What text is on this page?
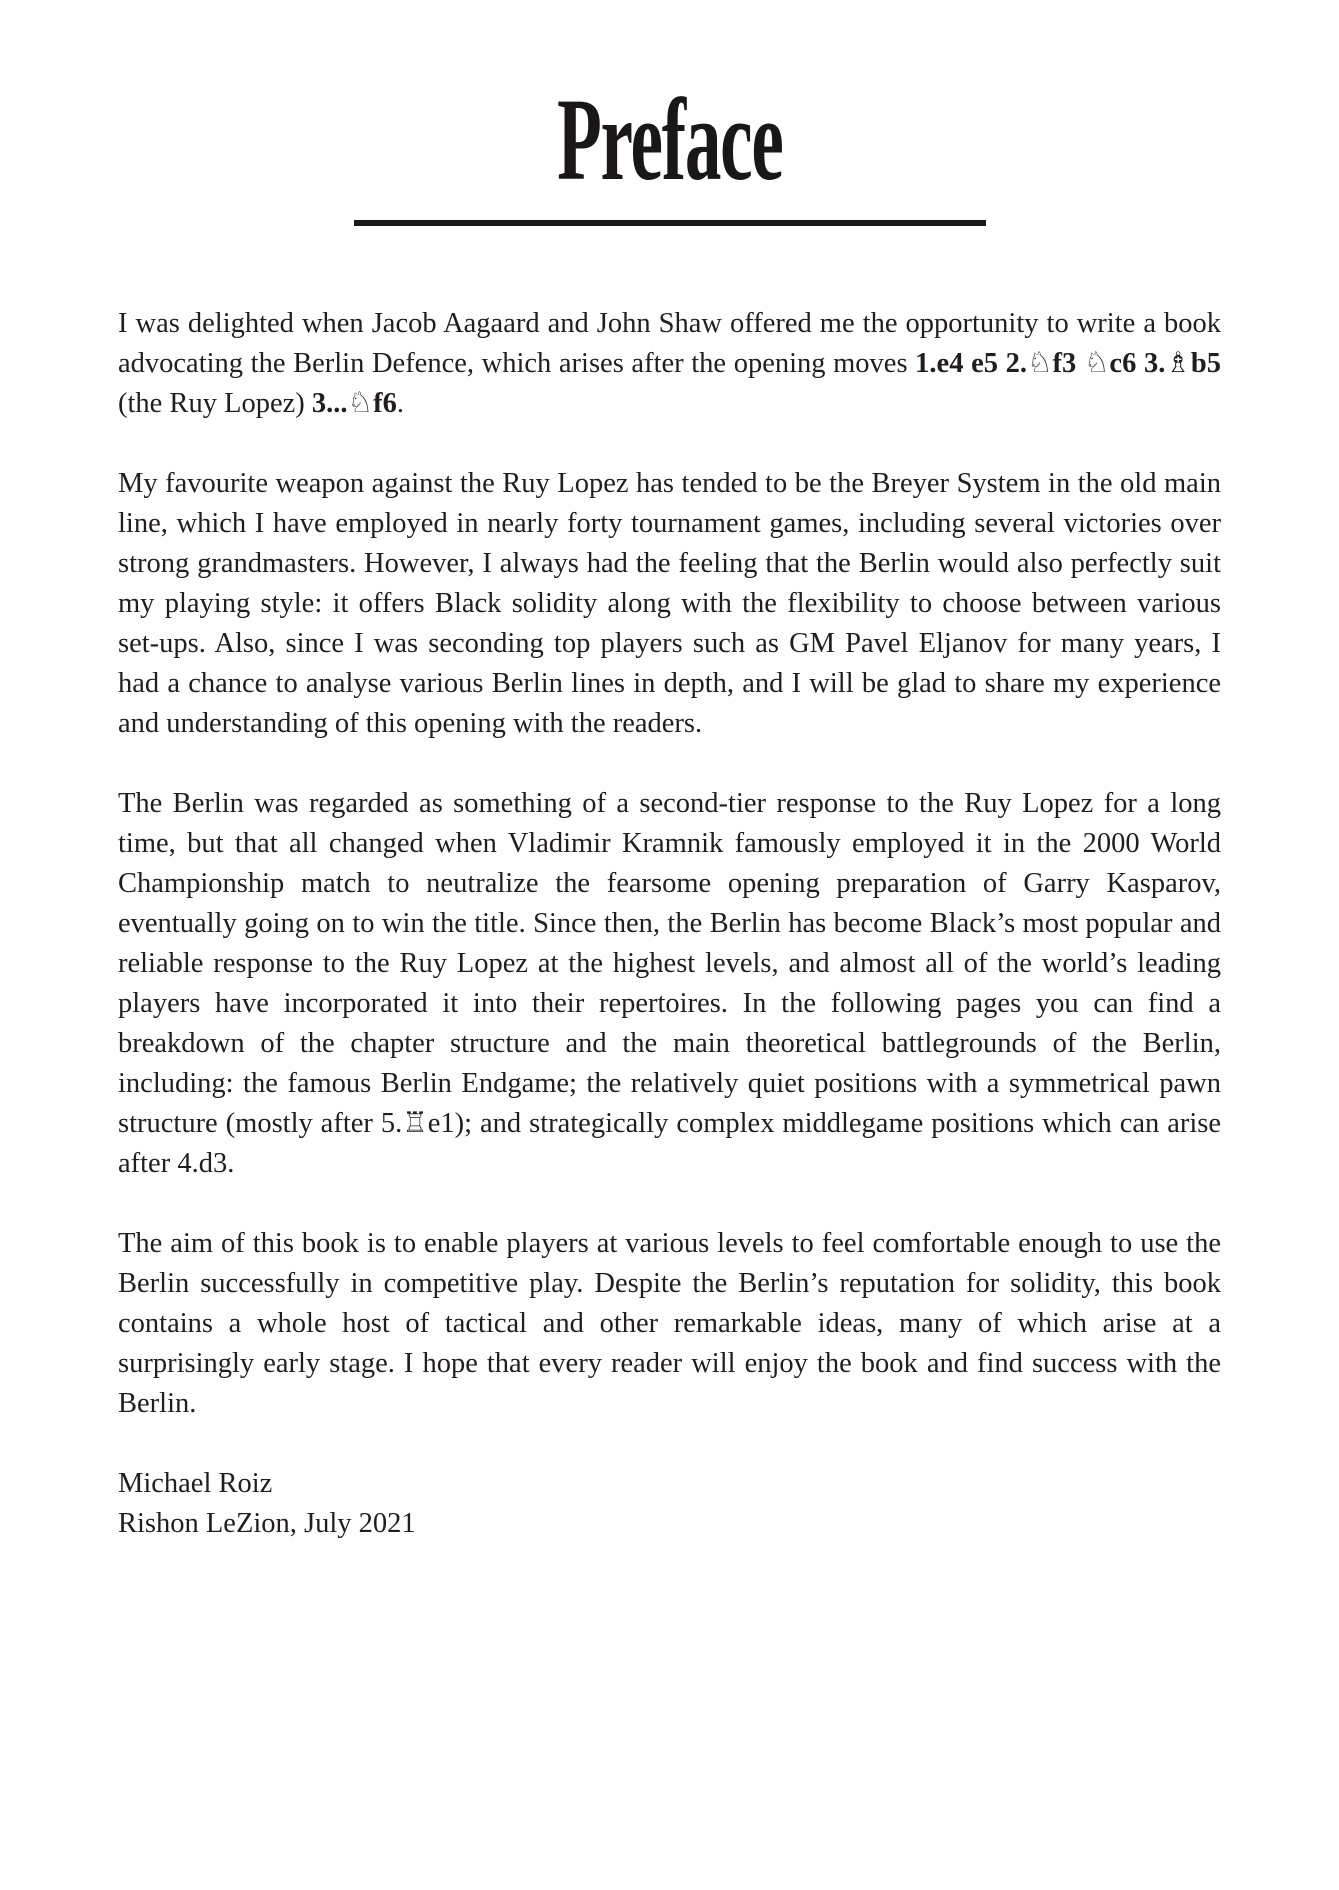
Preface

I was delighted when Jacob Aagaard and John Shaw offered me the opportunity to write a book advocating the Berlin Defence, which arises after the opening moves 1.e4 e5 2.♘f3 ♘c6 3.♗b5 (the Ruy Lopez) 3...♘f6.

My favourite weapon against the Ruy Lopez has tended to be the Breyer System in the old main line, which I have employed in nearly forty tournament games, including several victories over strong grandmasters. However, I always had the feeling that the Berlin would also perfectly suit my playing style: it offers Black solidity along with the flexibility to choose between various set-ups. Also, since I was seconding top players such as GM Pavel Eljanov for many years, I had a chance to analyse various Berlin lines in depth, and I will be glad to share my experience and understanding of this opening with the readers.

The Berlin was regarded as something of a second-tier response to the Ruy Lopez for a long time, but that all changed when Vladimir Kramnik famously employed it in the 2000 World Championship match to neutralize the fearsome opening preparation of Garry Kasparov, eventually going on to win the title. Since then, the Berlin has become Black’s most popular and reliable response to the Ruy Lopez at the highest levels, and almost all of the world’s leading players have incorporated it into their repertoires. In the following pages you can find a breakdown of the chapter structure and the main theoretical battlegrounds of the Berlin, including: the famous Berlin Endgame; the relatively quiet positions with a symmetrical pawn structure (mostly after 5.♖e1); and strategically complex middlegame positions which can arise after 4.d3.

The aim of this book is to enable players at various levels to feel comfortable enough to use the Berlin successfully in competitive play. Despite the Berlin’s reputation for solidity, this book contains a whole host of tactical and other remarkable ideas, many of which arise at a surprisingly early stage. I hope that every reader will enjoy the book and find success with the Berlin.

Michael Roiz

Rishon LeZion, July 2021
